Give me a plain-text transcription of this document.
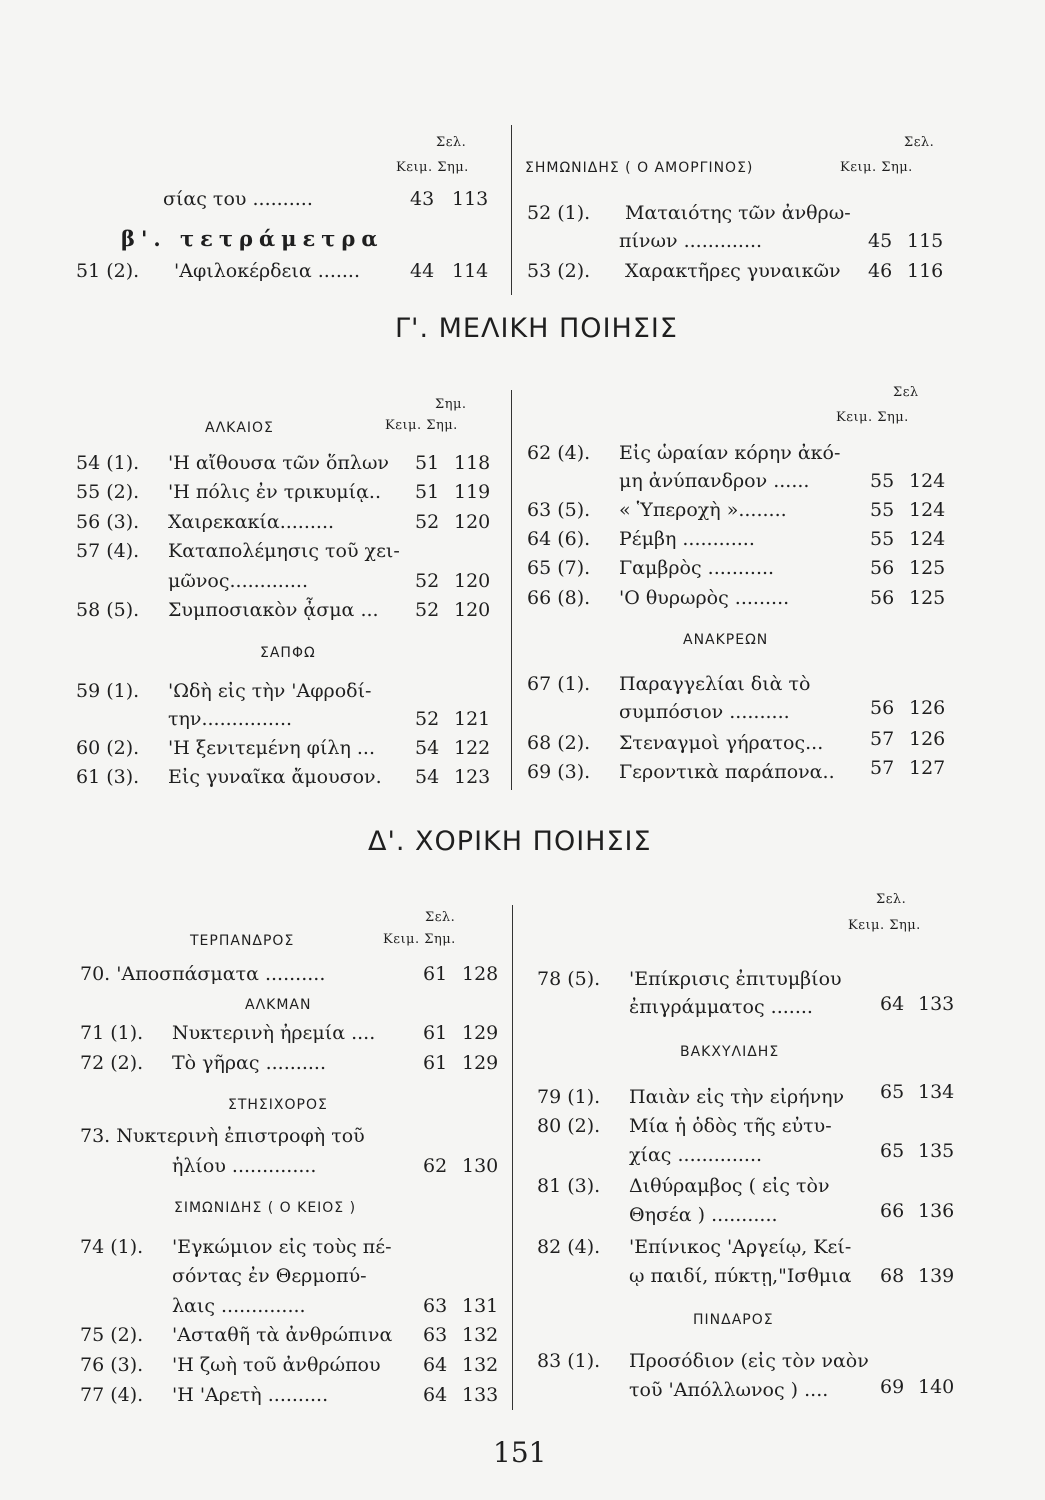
Σελ.
Κειμ. Σημ.
σίας του ..........	43 113
β'. τετράμετρα
51 (2). 'Αφιλοκέρδεια .......	44 114
Σελ.
ΣΗΜΩΝΙΔΗΣ ( Ο ΑΜΟΡΓΙΝΟΣ)	Κειμ. Σημ.
52 (1). Ματαιότης τῶν ἀνθρω-
πίνων .............	45 115
53 (2). Χαρακτῆρες γυναικῶν 46 116
Γ'. ΜΕΛΙΚΗ ΠΟΙΗΣΙΣ
Σημ.
ΑΛΚΑΙΟΣ	Κειμ. Σημ.
54 (1). 'Η αἴθουσα τῶν ὅπλων 51 118
55 (2). 'Η πόλις ἐν τρικυμίᾳ.. 51 119
56 (3). Χαιρεκακία.........	52 120
57 (4). Καταπολέμησις τοῦ χει-
μῶνος.............	52 120
58 (5). Συμποσιακὸν ᾆσμα ... 52 120
ΣΑΠΦΩ
59 (1). 'Ωδὴ εἰς τὴν 'Αφροδί-
την...............	52 121
60 (2). 'Η ξενιτεμένη φίλη ... 54 122
61 (3). Εἰς γυναῖκα ἄμουσον. 54 123
Σελ
Κειμ. Σημ.
62 (4). Εἰς ὡραίαν κόρην ἀκό-
μη ἀνύπανδρον ......	55 124
63 (5). « Ὑπεροχὴ »........	55 124
64 (6). Ρέμβη ............	55 124
65 (7). Γαμβρὸς ...........	56 125
66 (8). 'Ο θυρωρὸς .........	56 125
ΑΝΑΚΡΕΩΝ
67 (1). Παραγγελίαι διὰ τὸ
συμπόσιον ..........	56 126
68 (2). Στεναγμοὶ γήρατος... 57 126
69 (3). Γεροντικὰ παράπονα.. 57 127
Δ'. ΧΟΡΙΚΗ ΠΟΙΗΣΙΣ
Σελ.
ΤΕΡΠΑΝΔΡΟΣ	Κειμ. Σημ.
70. 'Αποσπάσματα ..........	61 128
ΑΛΚΜΑΝ
71 (1). Νυκτερινὴ ἠρεμία ....	61 129
72 (2). Τὸ γῆρας ..........	61 129
ΣΤΗΣΙΧΟΡΟΣ
73. Νυκτερινὴ ἐπιστροφὴ τοῦ
ἡλίου ..............	62 130
ΣΙΜΩΝΙΔΗΣ ( Ο ΚΕΙΟΣ )
74 (1). 'Εγκώμιον εἰς τοὺς πέ-
σόντας ἐν Θερμοπύ-
λαις ..............	63 131
75 (2). 'Ασταθῆ τὰ ἀνθρώπινα 63 132
76 (3). 'Η ζωὴ τοῦ ἀνθρώπου 64 132
77 (4). 'Η 'Αρετὴ ..........	64 133
Σελ.
Κειμ. Σημ.
78 (5). 'Επίκρισις ἐπιτυμβίου
ἐπιγράμματος .......	64 133
ΒΑΚΧΥΛΙΔΗΣ
79 (1). Παιὰν εἰς τὴν εἰρήνην 65 134
80 (2). Μία ἡ ὁδὸς τῆς εὐτυ-
χίας ..............	65 135
81 (3). Διθύραμβος ( εἰς τὸν
Θησέα ) ...........	66 136
82 (4). 'Επίνικος 'Αργείῳ, Κεί-
ῳ παιδί, πύκτῃ,"Ισθμια 68 139
ΠΙΝΔΑΡΟΣ
83 (1). Προσόδιον (εἰς τὸν ναὸν
τοῦ 'Απόλλωνος ) ....	69 140
151
